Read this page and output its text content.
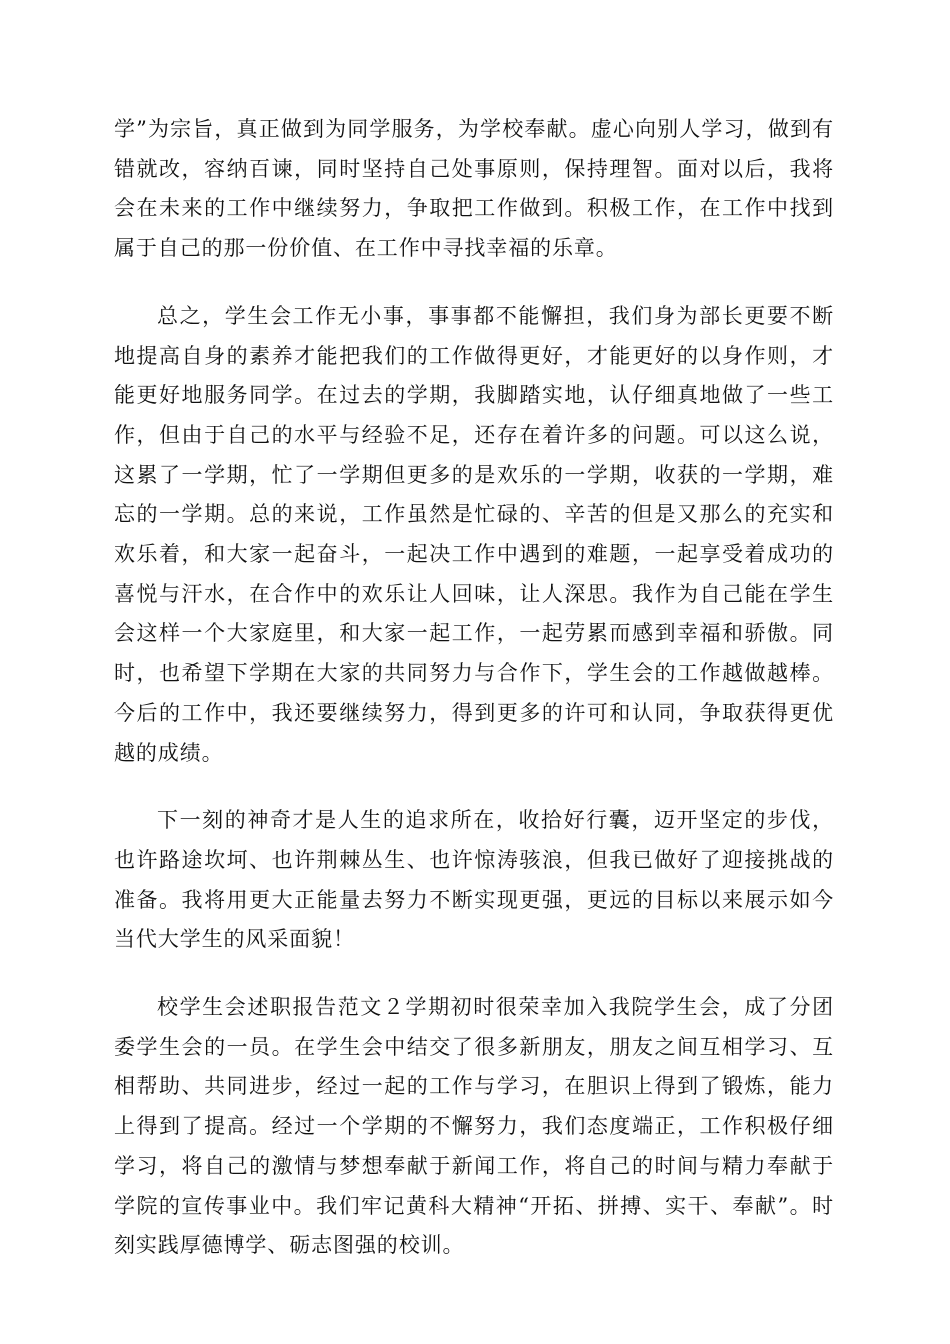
学”为宗旨，真正做到为同学服务，为学校奉献。虚心向别人学习，做到有错就改，容纳百谏，同时坚持自己处事原则，保持理智。面对以后，我将会在未来的工作中继续努力，争取把工作做到。积极工作，在工作中找到属于自己的那一份价值、在工作中寻找幸福的乐章。

总之，学生会工作无小事，事事都不能懈担，我们身为部长更要不断地提高自身的素养才能把我们的工作做得更好，才能更好的以身作则，才能更好地服务同学。在过去的学期，我脚踏实地，认仔细真地做了一些工作，但由于自己的水平与经验不足，还存在着许多的问题。可以这么说，这累了一学期，忙了一学期但更多的是欢乐的一学期，收获的一学期，难忘的一学期。总的来说，工作虽然是忙碌的、辛苦的但是又那么的充实和欢乐着，和大家一起奋斗，一起决工作中遇到的难题，一起享受着成功的喜悦与汗水，在合作中的欢乐让人回味，让人深思。我作为自己能在学生会这样一个大家庭里，和大家一起工作，一起劳累而感到幸福和骄傲。同时，也希望下学期在大家的共同努力与合作下，学生会的工作越做越棒。今后的工作中，我还要继续努力，得到更多的许可和认同，争取获得更优越的成绩。

下一刻的神奇才是人生的追求所在，收拾好行囊，迈开坚定的步伐，也许路途坎坷、也许荆棘丛生、也许惊涛骇浪，但我已做好了迎接挑战的准备。我将用更大正能量去努力不断实现更强，更远的目标以来展示如今当代大学生的风采面貌！

校学生会述职报告范文２学期初时很荣幸加入我院学生会，成了分团委学生会的一员。在学生会中结交了很多新朋友，朋友之间互相学习、互相帮助、共同进步，经过一起的工作与学习，在胆识上得到了锻炼，能力上得到了提高。经过一个学期的不懈努力，我们态度端正，工作积极仔细学习，将自己的激情与梦想奉献于新闻工作，将自己的时间与精力奉献于学院的宣传事业中。我们牢记黄科大精神“开拓、拼搏、实干、奉献”。时刻实践厚德博学、砺志图强的校训。
